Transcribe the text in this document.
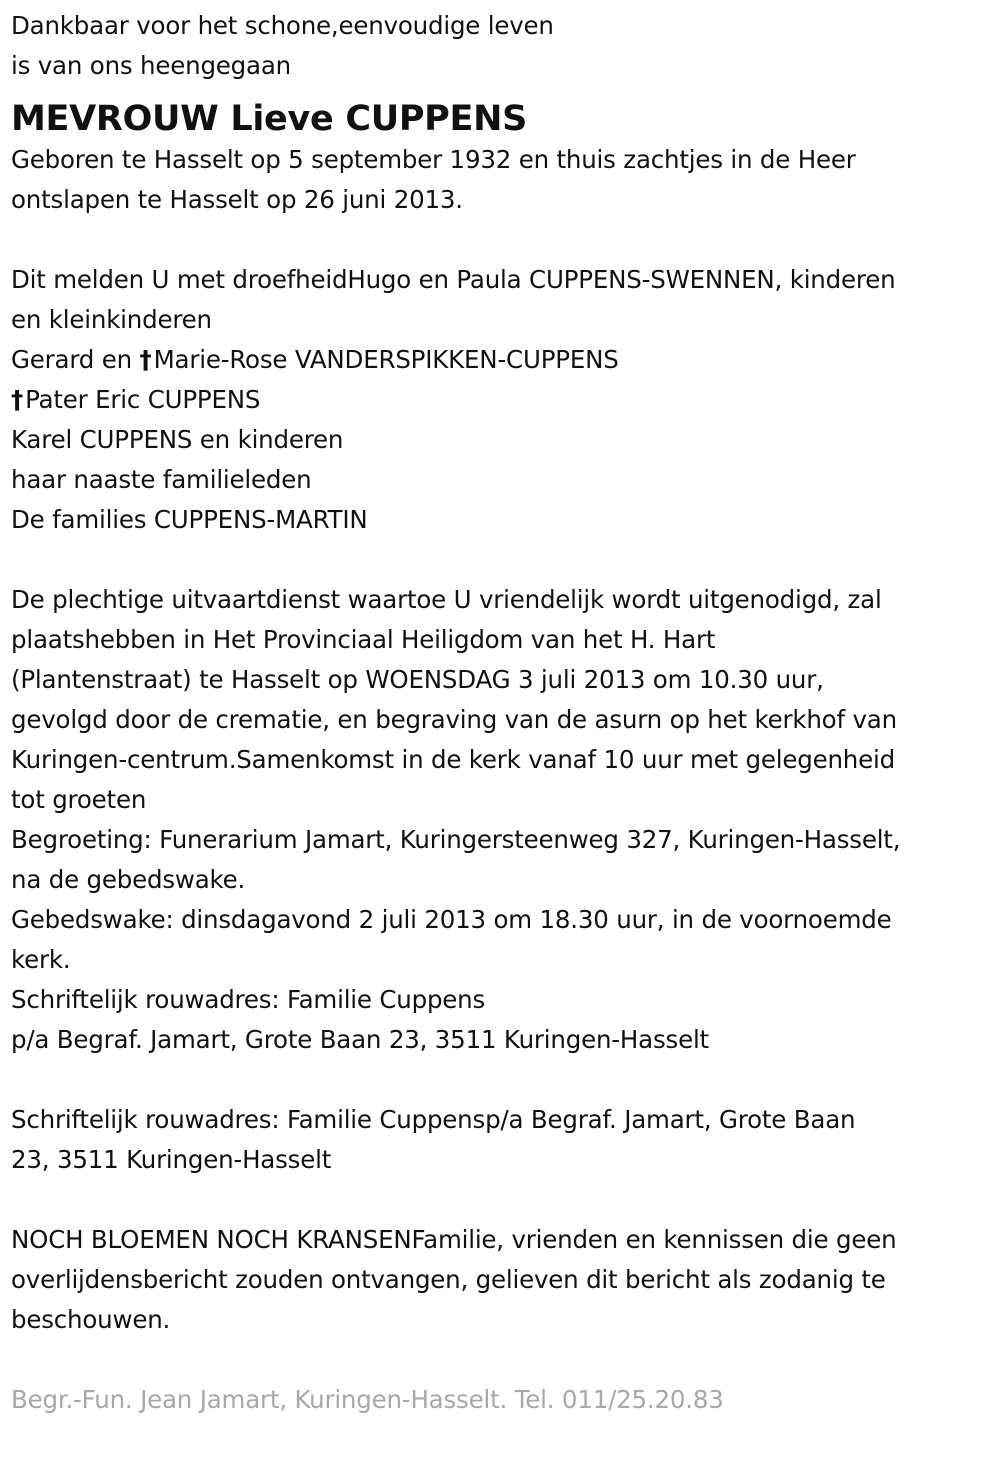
Dankbaar voor het schone,eenvoudige leven
is van ons heengegaan
MEVROUW Lieve CUPPENS
Geboren te Hasselt op 5 september 1932 en thuis zachtjes in de Heer
ontslapen te Hasselt op 26 juni 2013.
Dit melden U met droefheidHugo en Paula CUPPENS-SWENNEN, kinderen
en kleinkinderen
Gerard en †Marie-Rose VANDERSPIKKEN-CUPPENS
†Pater Eric CUPPENS
Karel CUPPENS en kinderen
haar naaste familieleden
De families CUPPENS-MARTIN
De plechtige uitvaartdienst waartoe U vriendelijk wordt uitgenodigd, zal
plaatshebben in Het Provinciaal Heiligdom van het H. Hart
(Plantenstraat) te Hasselt op WOENSDAG 3 juli 2013 om 10.30 uur,
gevolgd door de crematie, en begraving van de asurn op het kerkhof van
Kuringen-centrum.Samenkomst in de kerk vanaf 10 uur met gelegenheid
tot groeten
Begroeting: Funerarium Jamart, Kuringersteenweg 327, Kuringen-Hasselt,
na de gebedswake.
Gebedswake: dinsdagavond 2 juli 2013 om 18.30 uur, in de voornoemde
kerk.
Schriftelijk rouwadres: Familie Cuppens
p/a Begraf. Jamart, Grote Baan 23, 3511 Kuringen-Hasselt
Schriftelijk rouwadres: Familie Cuppensp/a Begraf. Jamart, Grote Baan
23, 3511 Kuringen-Hasselt
NOCH BLOEMEN NOCH KRANSENFamilie, vrienden en kennissen die geen
overlijdensbericht zouden ontvangen, gelieven dit bericht als zodanig te
beschouwen.
Begr.-Fun. Jean Jamart, Kuringen-Hasselt. Tel. 011/25.20.83
